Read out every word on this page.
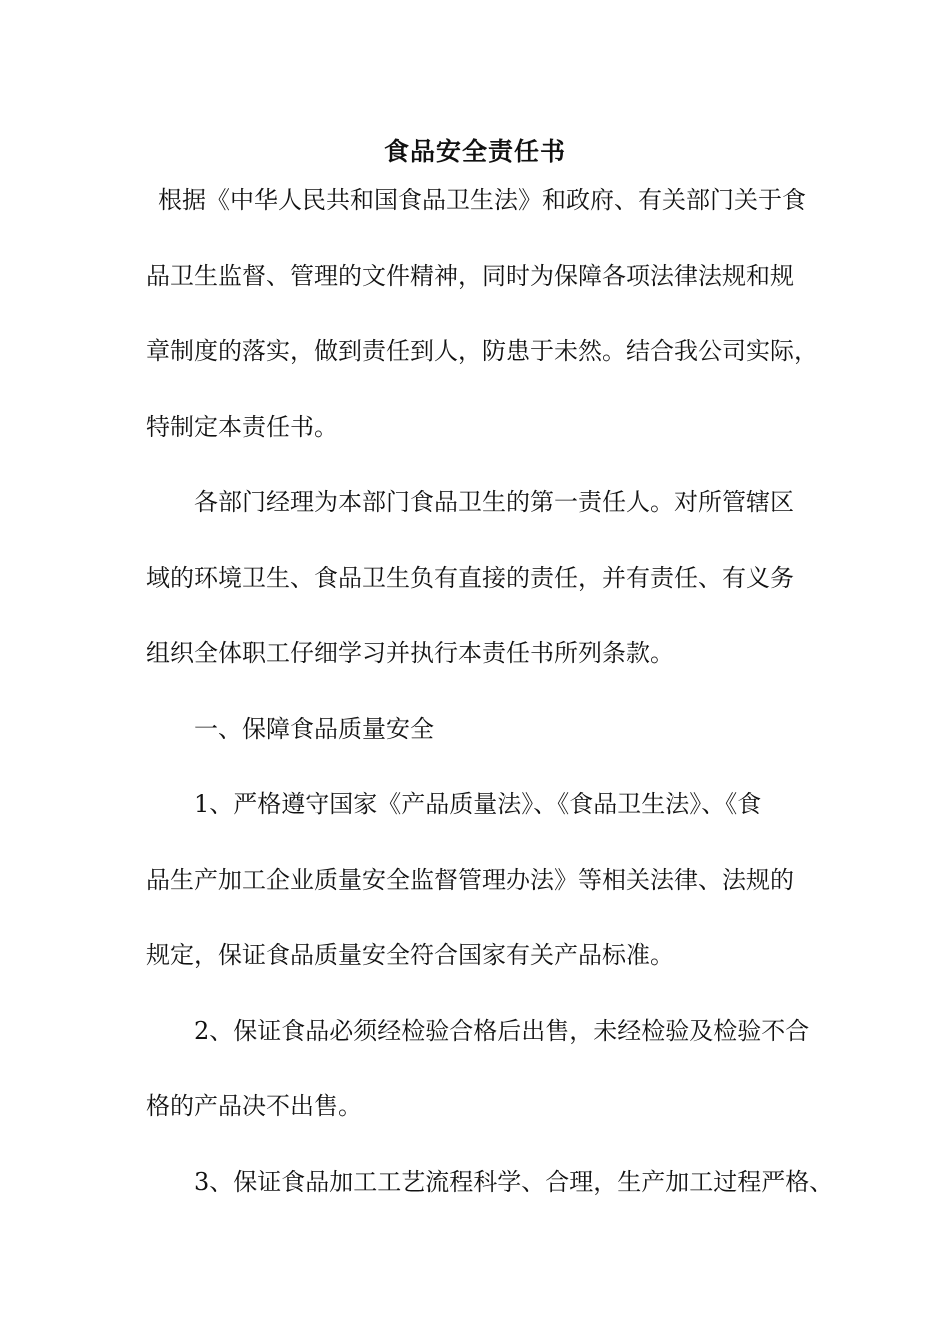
食品安全责任书
根据《中华人民共和国食品卫生法》和政府、有关部门关于食
品卫生监督、管理的文件精神，同时为保障各项法律法规和规
章制度的落实，做到责任到人，防患于未然。结合我公司实际，
特制定本责任书。
各部门经理为本部门食品卫生的第一责任人。对所管辖区
域的环境卫生、食品卫生负有直接的责任，并有责任、有义务
组织全体职工仔细学习并执行本责任书所列条款。
一、保障食品质量安全
1、严格遵守国家《产品质量法》、《食品卫生法》、《食
品生产加工企业质量安全监督管理办法》等相关法律、法规的
规定，保证食品质量安全符合国家有关产品标准。
2、保证食品必须经检验合格后出售，未经检验及检验不合
格的产品决不出售。
3、保证食品加工工艺流程科学、合理，生产加工过程严格、
